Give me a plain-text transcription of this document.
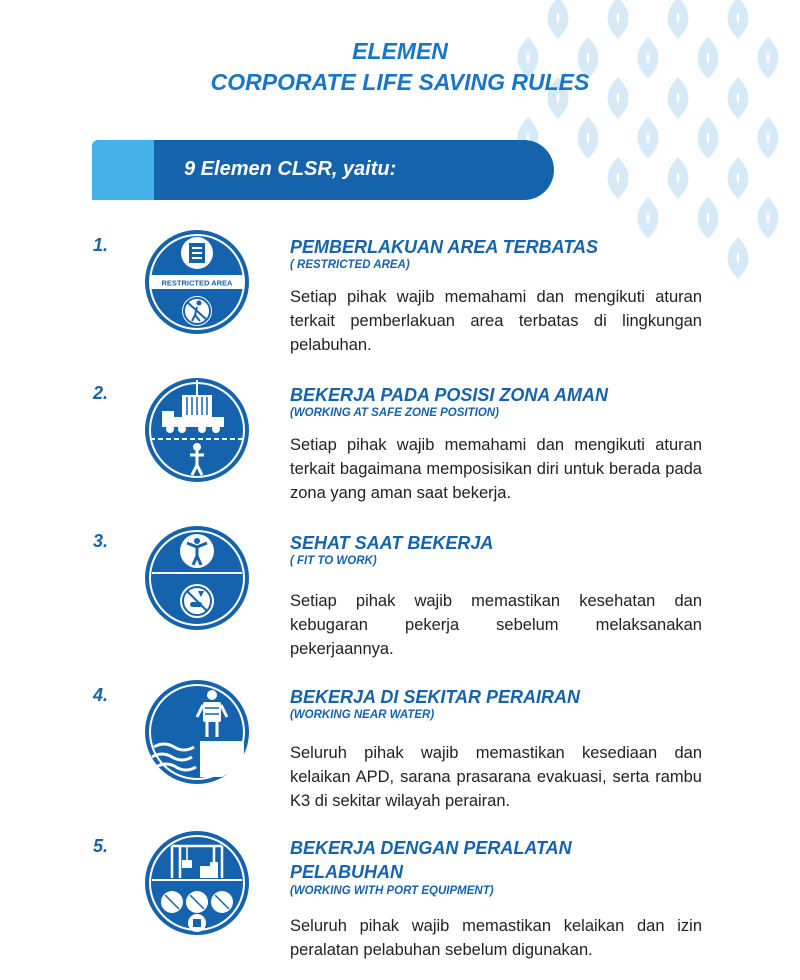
ELEMEN
CORPORATE LIFE SAVING RULES
9 Elemen CLSR, yaitu:
1.
RESTRICTED AREA
PEMBERLAKUAN AREA TERBATAS
( RESTRICTED AREA)
Setiap pihak wajib memahami dan mengikuti aturan terkait pemberlakuan area terbatas di lingkungan pelabuhan.
2.	BEKERJA PADA POSISI ZONA AMAN
(WORKING AT SAFE ZONE POSITION)
Setiap pihak wajib memahami dan mengikuti aturan terkait bagaimana memposisikan diri untuk berada pada zona yang aman saat bekerja.
3.	SEHAT SAAT BEKERJA
( FIT TO WORK)
Setiap pihak wajib memastikan kesehatan dan kebugaran pekerja sebelum melaksanakan pekerjaannya.
4.	BEKERJA DI SEKITAR PERAIRAN
(WORKING NEAR WATER)
Seluruh pihak wajib memastikan kesediaan dan kelaikan APD, sarana prasarana evakuasi, serta rambu K3 di sekitar wilayah perairan.
5.	BEKERJA DENGAN PERALATAN
PELABUHAN
(WORKING WITH PORT EQUIPMENT)
Seluruh pihak wajib memastikan kelaikan dan izin peralatan pelabuhan sebelum digunakan.
